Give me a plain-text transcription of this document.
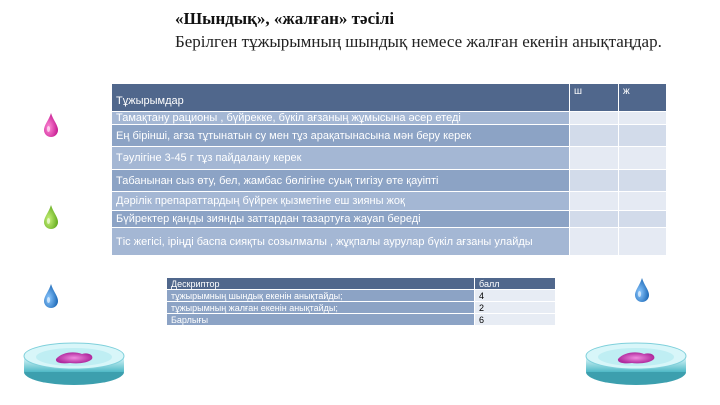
«Шындық», «жалған» тәсілі

Берілген тұжырымның шындық немесе жалған екенін анықтаңдар.

Тұжырымдар	ш	ж
Тамақтану рационы , бүйрекке, бүкіл ағзаның жұмысына әсер етеді		
Ең бірінші, ағза тұтынатын су мен тұз арақатынасына мән беру керек		
Тәулігіне 3-45 г тұз пайдалану керек		
Табанынан сыз өту, бел, жамбас бөлігіне суық тигізу өте қауіпті		
Дәрілік препараттардың бүйрек қызметіне еш зияны жоқ		
Бүйректер қанды зиянды заттардан тазартуға жауап береді		
Тіс жегісі, іріңді баспа сияқты созылмалы , жұқпалы аурулар бүкіл ағзаны улайды		
Дескриптор	балл
тұжырымның шындық екенін анықтайды;	4
тұжырымның жалған екенін анықтайды;	2
Барлығы	6
